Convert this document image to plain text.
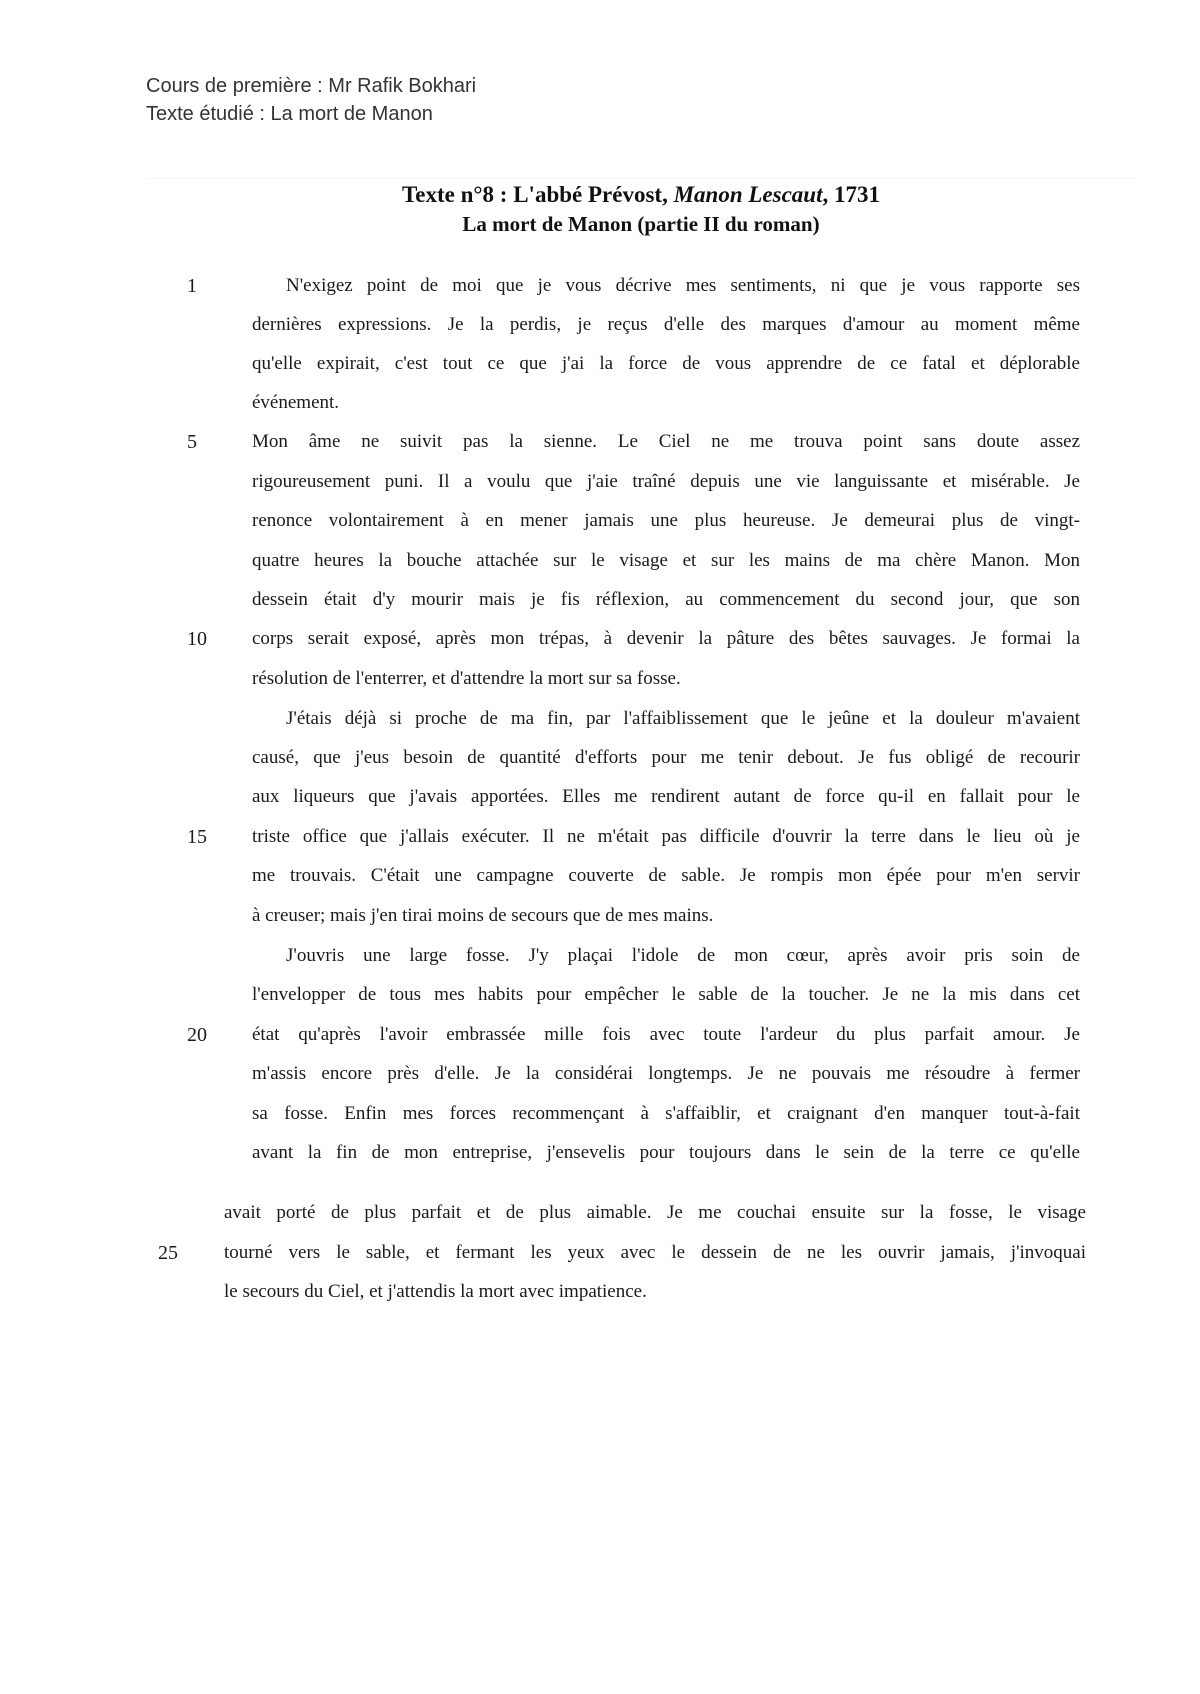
Cours de première : Mr Rafik Bokhari
Texte étudié : La mort de Manon
Texte n°8 : L'abbé Prévost, Manon Lescaut, 1731
La mort de Manon (partie II du roman)
1
5
10
15
20
25
N'exigez point de moi que je vous décrive mes sentiments, ni que je vous rapporte ses
dernières expressions. Je la perdis, je reçus d'elle des marques d'amour au moment même
qu'elle expirait, c'est tout ce que j'ai la force de vous apprendre de ce fatal et déplorable
événement.
Mon âme ne suivit pas la sienne. Le Ciel ne me trouva point sans doute assez
rigoureusement puni. Il a voulu que j'aie traîné depuis une vie languissante et misérable. Je
renonce volontairement à en mener jamais une plus heureuse. Je demeurai plus de vingt-
quatre heures la bouche attachée sur le visage et sur les mains de ma chère Manon. Mon
dessein était d'y mourir mais je fis réflexion, au commencement du second jour, que son
corps serait exposé, après mon trépas, à devenir la pâture des bêtes sauvages. Je formai la
résolution de l'enterrer, et d'attendre la mort sur sa fosse.
J'étais déjà si proche de ma fin, par l'affaiblissement que le jeûne et la douleur m'avaient
causé, que j'eus besoin de quantité d'efforts pour me tenir debout. Je fus obligé de recourir
aux liqueurs que j'avais apportées. Elles me rendirent autant de force qu-il en fallait pour le
triste office que j'allais exécuter. Il ne m'était pas difficile d'ouvrir la terre dans le lieu où je
me trouvais. C'était une campagne couverte de sable. Je rompis mon épée pour m'en servir
à creuser; mais j'en tirai moins de secours que de mes mains.
J'ouvris une large fosse. J'y plaçai l'idole de mon cœur, après avoir pris soin de
l'envelopper de tous mes habits pour empêcher le sable de la toucher. Je ne la mis dans cet
état qu'après l'avoir embrassée mille fois avec toute l'ardeur du plus parfait amour. Je
m'assis encore près d'elle. Je la considérai longtemps. Je ne pouvais me résoudre à fermer
sa fosse. Enfin mes forces recommençant à s'affaiblir, et craignant d'en manquer tout-à-fait
avant la fin de mon entreprise, j'ensevelis pour toujours dans le sein de la terre ce qu'elle
avait porté de plus parfait et de plus aimable. Je me couchai ensuite sur la fosse, le visage
tourné vers le sable, et fermant les yeux avec le dessein de ne les ouvrir jamais, j'invoquai
le secours du Ciel, et j'attendis la mort avec impatience.
